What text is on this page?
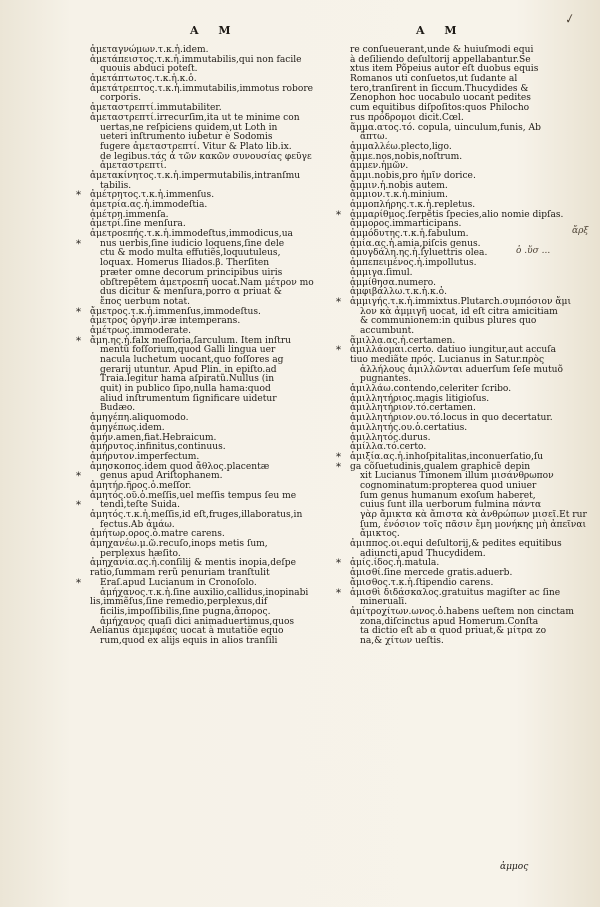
A M	A M
✓
ὁ .ὕσ ...
ἄρξ
ἀμεταγνώμων.τ.κ.ἡ.idem.
ἀμετάπειστος.τ.κ.ἡ.immutabilis,qui non facile
quouis abduci poteſt.
ἀμετάπτωτος.τ.κ.ἡ.κ.ὁ.
ἀμετάτρεπτος.τ.κ.ἡ.immutabilis,immotus robore
corporis.
ἀμεταστρεπτί.immutabiliter.
ἀμεταστρεπτί.irrecurſim,ita ut te minime con
uertas,ne reſpiciens quidem,ut Loth in
ueteri inſtrumento iubetur è Sodomis
fugere ἀμεταστρεπτί. Vitur & Plato lib.ix.
de legibus.τάς ἀ τῶν κακῶν συνουσίας φεῦγε
ἀμεταστρεπτί.
ἀμετακίνητος.τ.κ.ἡ.impermutabilis,intranſmu
tabilis.
ἀμέτρητος.τ.κ.ἡ.immenſus.
*
ἀμετρία.ας.ἡ.immodeſtia.
ἀμέτρη.immenſa.
ἀμετρί.ſine menſura.
ἀμετροεπής.τ.κ.ἡ.immodeſtus,immodicus,ua
nus uerbis,ſine iudicio loquens,ſine dele
*
ctu & modo multa effutiẽs,loquutuleus,
loquax. Homerus Iliados.β. Therſiten
præter omne decorum principibus uiris
obſtrepẽtem ἀμετροεπῆ uocat.Nam μέτρον mo
dus dicitur & menſura,porro α priuat &
ἔπος uerbum notat.
ἄμετρος.τ.κ.ἡ.immenſus,immodeſtus.
*
ἀμετρος ὀργήν.iræ intemperans.
ἀμέτρως.immoderate.
ἄμη.ης.ἡ.falx meſſoria,ſarculum. Item inſtru
*
mentũ foſſorium,quod Galli lingua uer
nacula luchetum uocant,quo foſſores ag
gerarij utuntur. Apud Plin. in epiſto.ad
Traia.legitur hama aſpiratũ.Nullus (in
quit) in publico ſipo,nulla hama:quod
aliud inſtrumentum ſignificare uidetur
Budæo.
ἁμηγέπη.aliquomodo.
ἁμηγέπως.idem.
ἀμήν.amen,fiat.Hebraicum.
ἀμήρυτος.infinitus,continuus.
ἀμήρυτον.imperfectum.
ἀμησκοπος.idem quod ἄθλος.placentæ
genus apud Ariſtophanem.
*
ἀμητήρ.ῆρος.ὁ.meſſor.
ἀμητός.οῦ.ὁ.meſſis,uel meſſis tempus ſeu me
tendi,teſte Suida.
*
ἀμητός.τ.κ.ἡ.meſſis,id eſt,fruges,illaboratus,in
fectus.Ab ἀμάω.
ἀμήτωρ.ορος.ὁ.matre carens.
ἀμηχανέω.μ.ῶ.recuſo,inops metis ſum,
perplexus hæſito.
ἀμηχανία.ας.ἡ.conſilij & mentis inopia,deſpe
ratio,ſummam rerũ penuriam tranſtulit
Eraſ.apud Lucianum in Cronoſolo.
*
ἀμήχανος.τ.κ.ἡ.ſine auxilio,callidus,inopinabi
lis,immẽſus,ſine remedio,perplexus,dif
ficilis,impoſſibilis,ſine pugna,ἄπορος.
ἀμήχανος quaſi dici animaduertimus,quos
Aelianus ἀμεμφέας uocat à mutatiõe equo
rum,quod ex alijs equis in alios tranſili
re conſueuerant,unde & huiuſmodi equi
à deſiliendo deſultorij appellabantur.Se
xtus item Põpeius autor eſt duobus equis
Romanos uti conſuetos,ut ſudante al
tero,tranſirent in ſiccum.Thucydides &
Zenophon hoc uocabulo uocant pedites
cum equitibus diſpoſitos:quos Philocho
rus πρόδρομοι dicit.Cœl.
ἅμμα.ατος.τό. copula, uinculum,funis, Ab
ἅπτω.
ἀμμαλλέω.plecto,ligo.
ἄμμε.nos,nobis,noſtrum.
ἀμμεν.ἡμῶν.
ἄμμι.nobis,pro ἡμῖν dorice.
ἄμμιν.ἡ.nobis autem.
ἄμμιον.τ.κ.ἡ.minium.
ἀμμοπλήρης.τ.κ.ἡ.repletus.
ἀμμαρίθμος.ſerpẽtis ſpecies,alio nomie dipſas.
*
ἄμμορος.immarticipans.
ἀμμόδυτης.τ.κ.ἡ.fabulum.
ἀμία.ας.ἡ.amia,piſcis genus.
ἀμυγδάλη.ης.ἡ.ſyluettris olea.
ἀμπεπειμένος.ἡ.impollutus.
ἀμμιγα.ſimul.
ἀμμίθησα.numero.
ἀμφιβάλλω.τ.κ.ἡ.κ.ὁ.
ἀμμιγής.τ.κ.ἡ.immixtus.Plutarch.συμπόσιον ἄμι
*
λον κὰ ἀμμιγῆ uocat, id eſt citra amicitiam
& communionem:in quibus plures quo
accumbunt.
ἅμιλλα.ας.ἡ.certamen.
ἁμιλλάομαι.certo. datiuo iungitur,aut accuſa
*
tiuo mediãte πρός. Lucianus in Satur.πρὸς
ἀλλήλους ἁμιλλῶνται aduerſum ſeſe mutuõ
pugnantes.
ἁμιλλάω.contendo,celeriter ſcribo.
ἁμιλλητήριος.magis litigioſus.
ἁμιλλητήριον.τό.certamen.
ἁμιλλητήριον.ου.τό.locus in quo decertatur.
ἁμιλλητής.ου.ὁ.certatius.
ἁμιλλητός.durus.
ἁμίλλα.τό.certo.
ἁμιξία.ας.ἡ.inhoſpitalitas,inconuerſatio,ſu
*
ga cõſuetudinis,qualem graphicẽ depin
*
xit Lucianus Timonem illum μισάνθρωπον
cognominatum:propterea quod uniuer
ſum genus humanum exoſum haberet,
cuius ſunt illa uerborum fulmina πάντα
γὰρ ἄμικτα κὰ ἄπιστα κὰ ἀνθρώπων μισεῖ.Et rur
ſum, ἐνόσιον τοῖς πᾶσιν ἔμη μονήκης μὴ ἀπεῖναι
ἄμικτος.
ἀμιππος.οι.equi deſultorij,& pedites equitibus
adiuncti,apud Thucydidem.
ἀμίς.ίδος.ἡ.matula.
*
ἀμισθί.ſine mercede gratis.aduerb.
ἄμισθος.τ.κ.ἡ.ſtipendio carens.
ἀμισθὶ διδάσκαλος.gratuitus magiſter ac ſine
*
minerualī.
ἀμίτροχίτων.ωνος.ὁ.habens ueſtem non cinctam
zona,diſcinctus apud Homerum.Conſta
ta dictio eſt ab α quod priuat,& μίτρα zo
na,& χίτων ueſtis.
ἁμμος
